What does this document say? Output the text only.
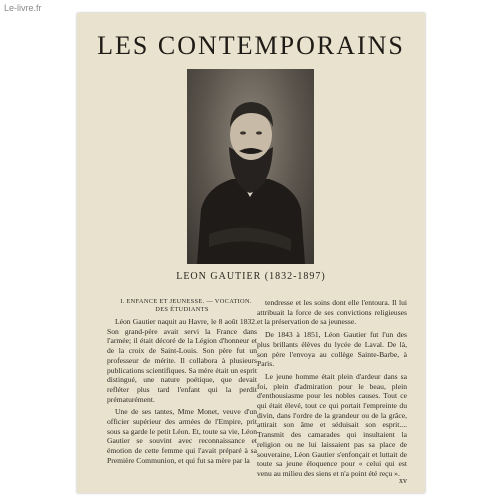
Le-livre.fr
LES CONTEMPORAINS
LEON GAUTIER (1832-1897)

I. ENFANCE ET JEUNESSE. — VOCATION. DES ÉTUDIANTS

Léon Gautier naquit au Havre, le 8 août 1832. Son grand-père avait servi la France dans l'armée; il était décoré de la Légion d'honneur et de la croix de Saint-Louis. Son père fut un professeur de mérite. Il collabora à plusieurs publications scientifiques. Sa mère était un esprit distingué, une nature poétique, que devait refléter plus tard l'enfant qui la perdit prématurément.

Une de ses tantes, Mme Monet, veuve d'un officier supérieur des armées de l'Empire, prit sous sa garde le petit Léon. Et, toute sa vie, Léon Gautier se souvint avec reconnaissance et émotion de cette femme qui l'avait préparé à sa Première Communion, et qui fut sa mère par la

tendresse et les soins dont elle l'entoura. Il lui attribuait la force de ses convictions religieuses et la préservation de sa jeunesse.

De 1843 à 1851, Léon Gautier fut l'un des plus brillants élèves du lycée de Laval. De là, son père l'envoya au collège Sainte-Barbe, à Paris.

Le jeune homme était plein d'ardeur dans sa foi, plein d'admiration pour le beau, plein d'enthousiasme pour les nobles causes. Tout ce qui était élevé, tout ce qui portait l'empreinte du divin, dans l'ordre de la grandeur ou de la grâce, attirait son âme et séduisait son esprit.... Transmit des camarades qui insultaient la religion ou ne lui laissaient pas sa place de souveraine, Léon Gautier s'enfonçait et luttait de toute sa jeune éloquence pour « celui qui est venu au milieu des siens et n'a point été reçu ».

xv
